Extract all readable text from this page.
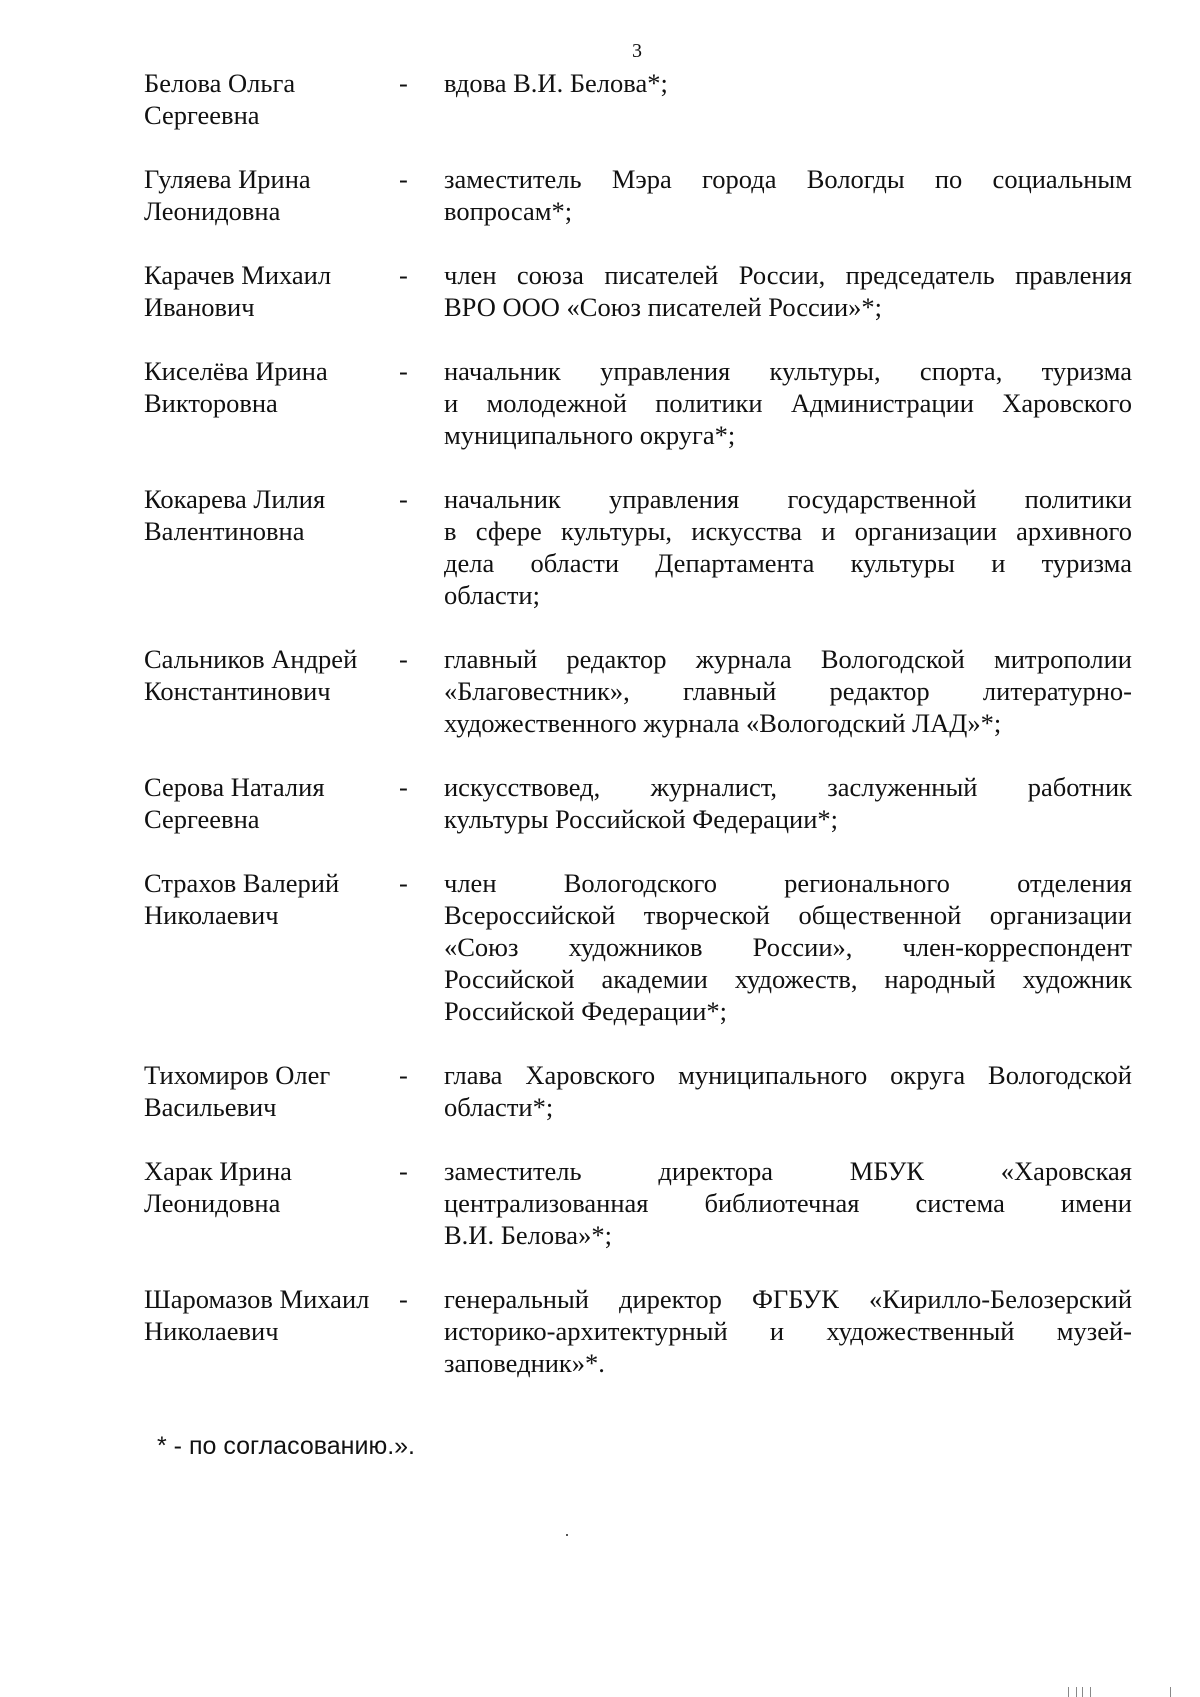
3
Белова Ольга
Сергеевна
- вдова В.И. Белова*;
Гуляева Ирина
Леонидовна
- заместитель Мэра города Вологды по социальным
вопросам*;
Карачев Михаил
Иванович
- член союза писателей России, председатель правления
ВРО ООО «Союз писателей России»*;
Киселёва Ирина
Викторовна
- начальник управления культуры, спорта, туризма
и молодежной политики Администрации Харовского
муниципального округа*;
Кокарева Лилия
Валентиновна
- начальник управления государственной политики
в сфере культуры, искусства и организации архивного
дела области Департамента культуры и туризма
области;
Сальников Андрей
Константинович
- главный редактор журнала Вологодской митрополии
«Благовестник», главный редактор литературно-
художественного журнала «Вологодский ЛАД»*;
Серова Наталия
Сергеевна
- искусствовед, журналист, заслуженный работник
культуры Российской Федерации*;
Страхов Валерий
Николаевич
- член Вологодского регионального отделения
Всероссийской творческой общественной организации
«Союз художников России», член-корреспондент
Российской академии художеств, народный художник
Российской Федерации*;
Тихомиров Олег
Васильевич
- глава Харовского муниципального округа Вологодской
области*;
Харак Ирина
Леонидовна
- заместитель директора МБУК «Харовская
централизованная библиотечная система имени
В.И. Белова»*;
Шаромазов Михаил
Николаевич
- генеральный директор ФГБУК «Кирилло-Белозерский
историко-архитектурный и художественный музей-
заповедник»*.
* - по согласованию.».
